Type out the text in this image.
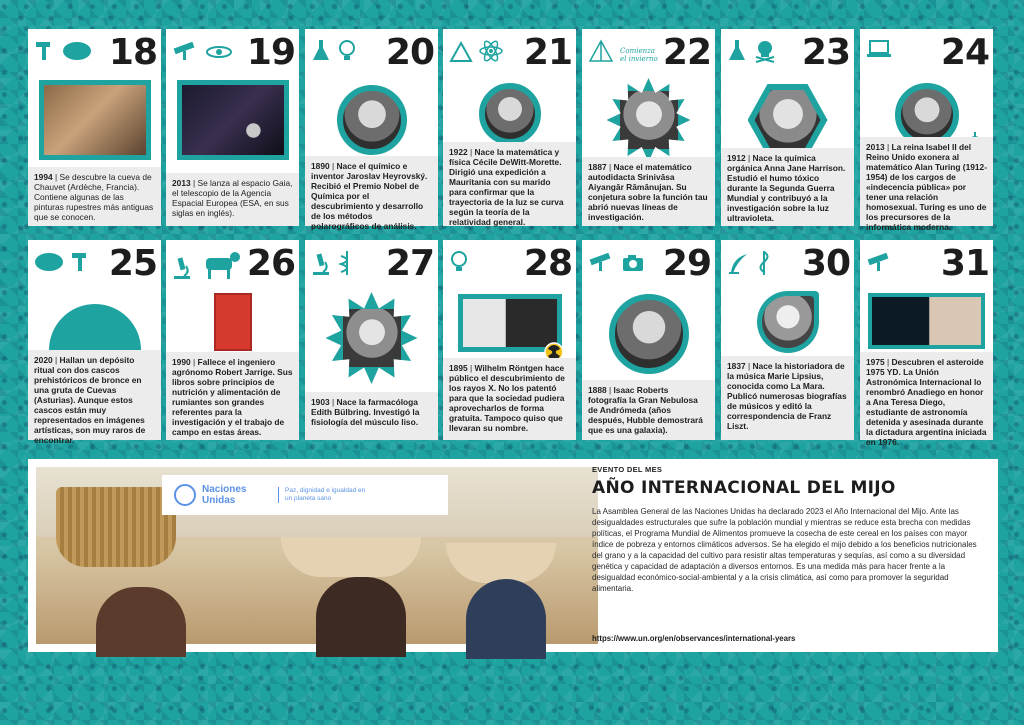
18
1994 | Se descubre la cueva de Chauvet (Ardèche, Francia). Contiene algunas de las pinturas rupestres más antiguas que se conocen.
19
2013 | Se lanza al espacio Gaia, el telescopio de la Agencia Espacial Europea (ESA, en sus siglas en inglés).
20
1890 | Nace el químico e inventor Jaroslav Heyrovský. Recibió el Premio Nobel de Química por el descubrimiento y desarrollo de los métodos polarográficos de análisis.
21
1922 | Nace la matemática y física Cécile DeWitt-Morette. Dirigió una expedición a Mauritania con su marido para confirmar que la trayectoria de la luz se curva según la teoría de la relatividad general.
Comienza el invierno 22
1887 | Nace el matemático autodidacta Srinivāsa Aiyangār Rāmānujan. Su conjetura sobre la función tau abrió nuevas líneas de investigación.
23
1912 | Nace la química orgánica Anna Jane Harrison. Estudió el humo tóxico durante la Segunda Guerra Mundial y contribuyó a la investigación sobre la luz ultravioleta.
24
2013 | La reina Isabel II del Reino Unido exonera al matemático Alan Turing (1912-1954) de los cargos de «indecencia pública» por tener una relación homosexual. Turing es uno de los precursores de la informática moderna.
25
2020 | Hallan un depósito ritual con dos cascos prehistóricos de bronce en una gruta de Cuevas (Asturias). Aunque estos cascos están muy representados en imágenes artísticas, son muy raros de encontrar.
26
1990 | Fallece el ingeniero agrónomo Robert Jarrige. Sus libros sobre principios de nutrición y alimentación de rumiantes son grandes referentes para la investigación y el trabajo de campo en estas áreas.
27
1903 | Nace la farmacóloga Edith Bülbring. Investigó la fisiología del músculo liso.
28
1895 | Wilhelm Röntgen hace público el descubrimiento de los rayos X. No los patentó para que la sociedad pudiera aprovecharlos de forma gratuita. Tampoco quiso que llevaran su nombre.
29
1888 | Isaac Roberts fotografía la Gran Nebulosa de Andrómeda (años después, Hubble demostrará que es una galaxia).
30
1837 | Nace la historiadora de la música Marie Lipsius, conocida como La Mara. Publicó numerosas biografías de músicos y editó la correspondencia de Franz Liszt.
31
1975 | Descubren el asteroide 1975 YD. La Unión Astronómica Internacional lo renombró Anadiego en honor a Ana Teresa Diego, estudiante de astronomía detenida y asesinada durante la dictadura argentina iniciada en 1976.
Naciones Unidas
Paz, dignidad e igualdad en un planeta sano
EVENTO DEL MES
AÑO INTERNACIONAL DEL MIJO
La Asamblea General de las Naciones Unidas ha declarado 2023 el Año Internacional del Mijo. Ante las desigualdades estructurales que sufre la población mundial y mientras se reduce esta brecha con medidas políticas, el Programa Mundial de Alimentos promueve la cosecha de este cereal en los países con mayor índice de pobreza y entornos climáticos adversos. Se ha elegido el mijo debido a los beneficios nutricionales del grano y a la capacidad del cultivo para resistir altas temperaturas y sequías, así como a su diversidad genética y capacidad de adaptación a diversos entornos. Es una medida más para hacer frente a la desigualdad económico-social-ambiental y a la crisis climática, así como para promover la seguridad alimentaria.
https://www.un.org/en/observances/international-years
